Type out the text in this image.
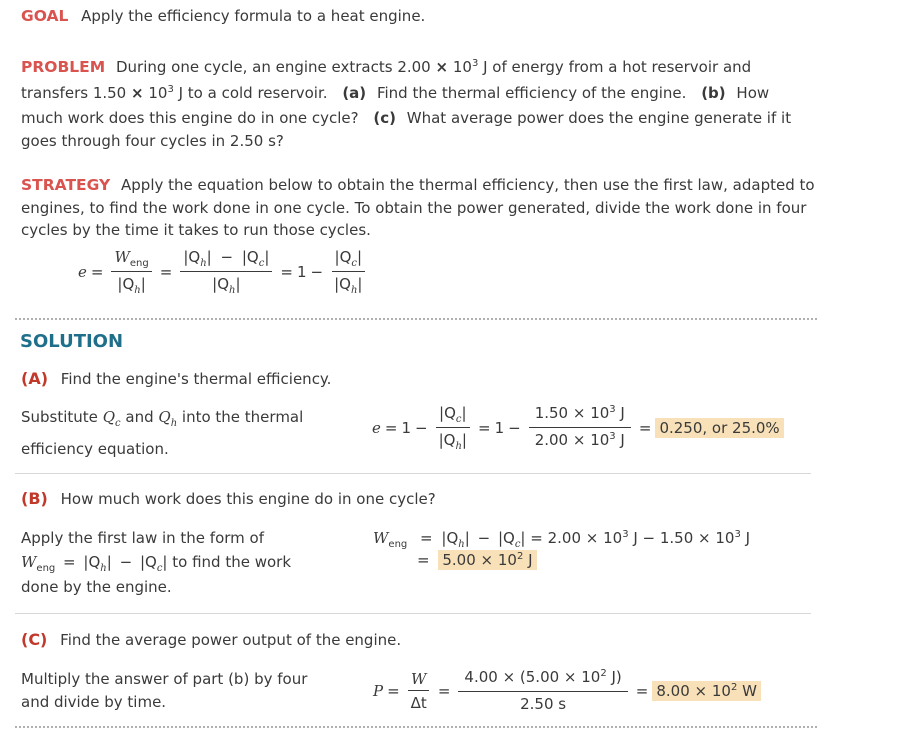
GOAL Apply the efficiency formula to a heat engine.
PROBLEM During one cycle, an engine extracts $2.00 \times 10^3$ J of energy from a hot reservoir and
transfers $1.50 \times 10^3$ J to a cold reservoir. (a) Find the thermal efficiency of the engine. (b) How
much work does this engine do in one cycle? (c) What average power does the engine generate if it
goes through four cycles in 2.50 s?
STRATEGY Apply the equation below to obtain the thermal efficiency, then use the first law, adapted to
engines, to find the work done in one cycle. To obtain the power generated, divide the work done in four
cycles by the time it takes to run those cycles.
$e = \frac{W_{eng}}{|Q_h|} = \frac{|Q_h| - |Q_c|}{|Q_h|} = 1 - \frac{|Q_c|}{|Q_h|}$
SOLUTION
(A) Find the engine's thermal efficiency.
Substitute $Q_c$ and $Q_h$ into the thermal
efficiency equation.
$e = 1 - \frac{|Q_c|}{|Q_h|} = 1 - \frac{1.50 \times 10^3 J}{2.00 \times 10^3 J} = 0.250$, or 25.0%
(B) How much work does this engine do in one cycle?
Apply the first law in the form of
$W_{eng} = |Q_h| - |Q_c|$ to find the work
done by the engine.
$W_{eng} = |Q_h| - |Q_c| = 2.00 \times 10^3$ $J - 1.50 \times 10^3$ J
= $5.00 \times 10^2$ J
(C) Find the average power output of the engine.
Multiply the answer of part (b) by four
and divide by time.
$P = \frac{W}{\Delta t} = \frac{4.00 \times (5.00 \times 10^2 J)}{2.50 s} = 8.00 \times 10^2$ W
